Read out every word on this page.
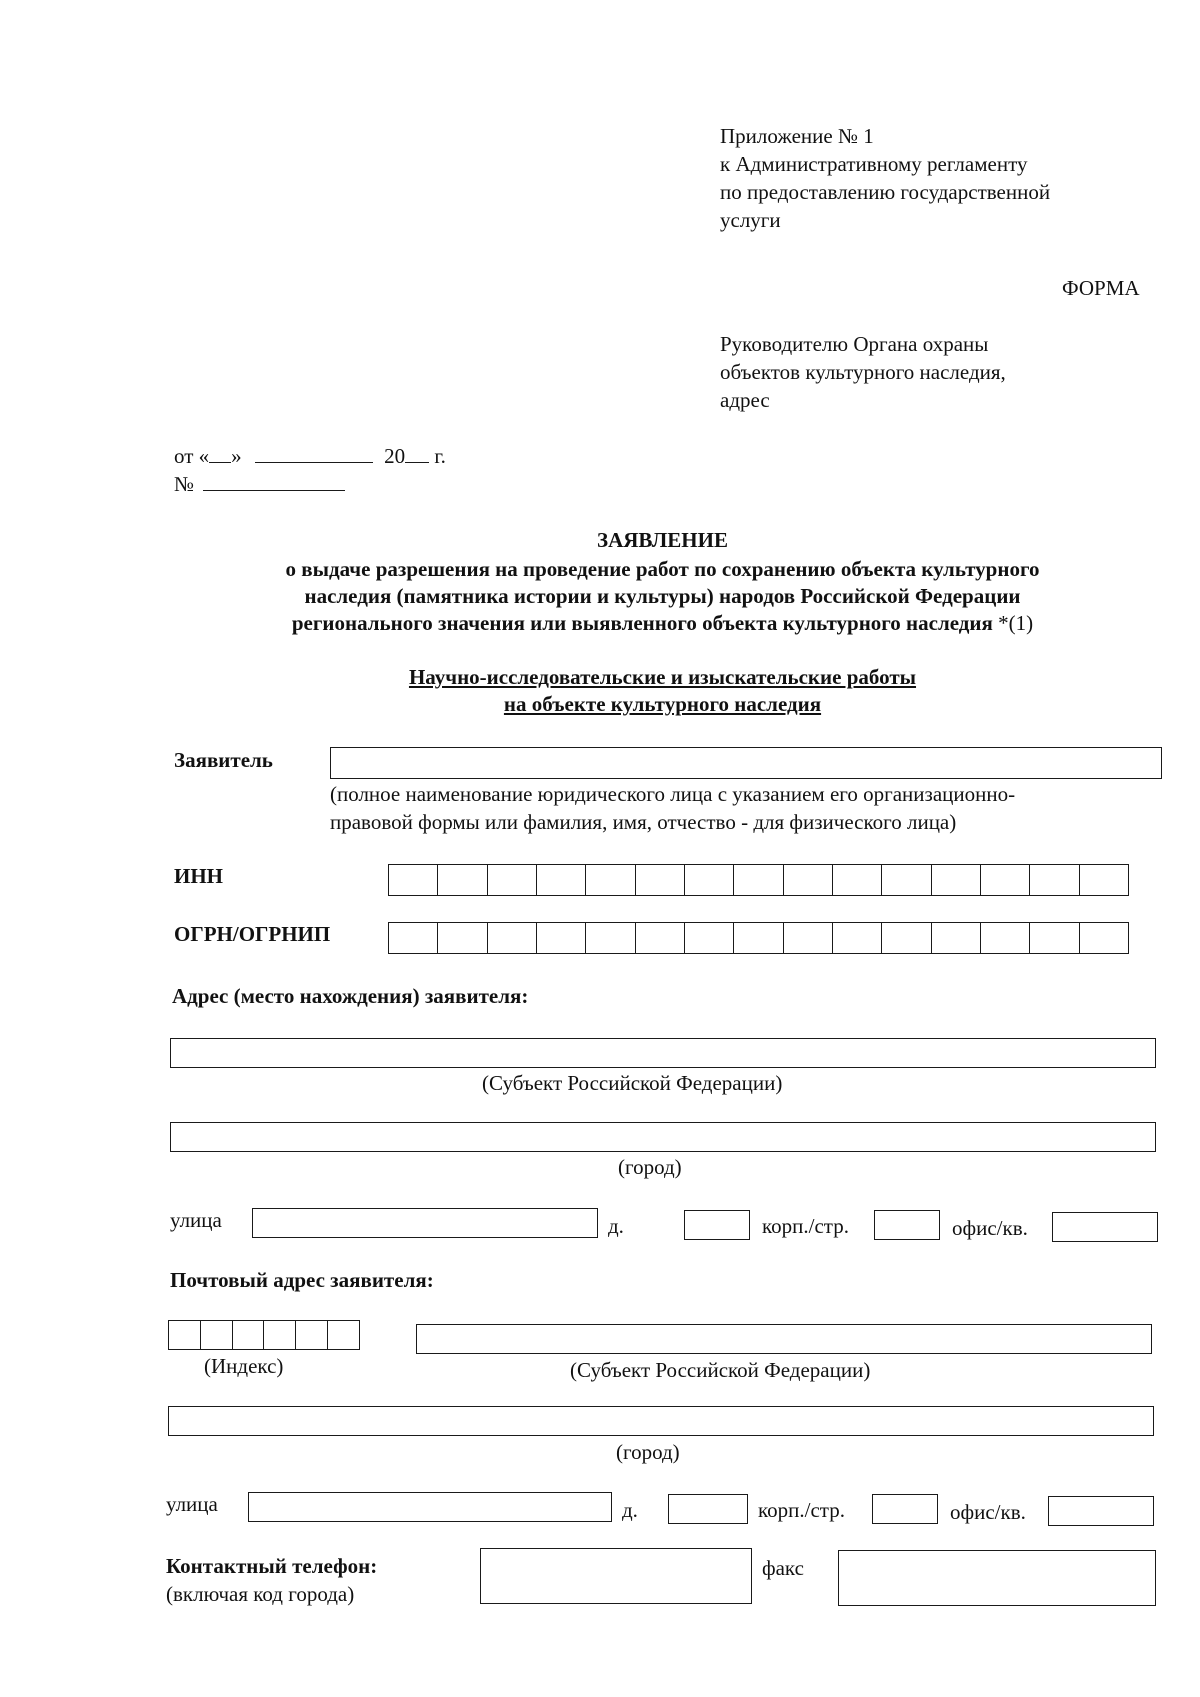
Приложение № 1
к Административному регламенту
по предоставлению государственной
услуги
ФОРМА
Руководителю Органа охраны
объектов культурного наследия,
адрес
от « »	20 г.
№
ЗАЯВЛЕНИЕ
о выдаче разрешения на проведение работ по сохранению объекта культурного
наследия (памятника истории и культуры) народов Российской Федерации
регионального значения или выявленного объекта культурного наследия *(1)
Научно-исследовательские и изыскательские работы
на объекте культурного наследия
Заявитель
(полное наименование юридического лица с указанием его организационно-
правовой формы или фамилия, имя, отчество - для физического лица)
ИНН
ОГРН/ОГРНИП
Адрес (место нахождения) заявителя:
(Субъект Российской Федерации)
(город)
улица	д.	корп./стр.	офис/кв.
Почтовый адрес заявителя:
(Индекс)	(Субъект Российской Федерации)
(город)
улица	д.	корп./стр.	офис/кв.
Контактный телефон:
(включая код города)
факс
